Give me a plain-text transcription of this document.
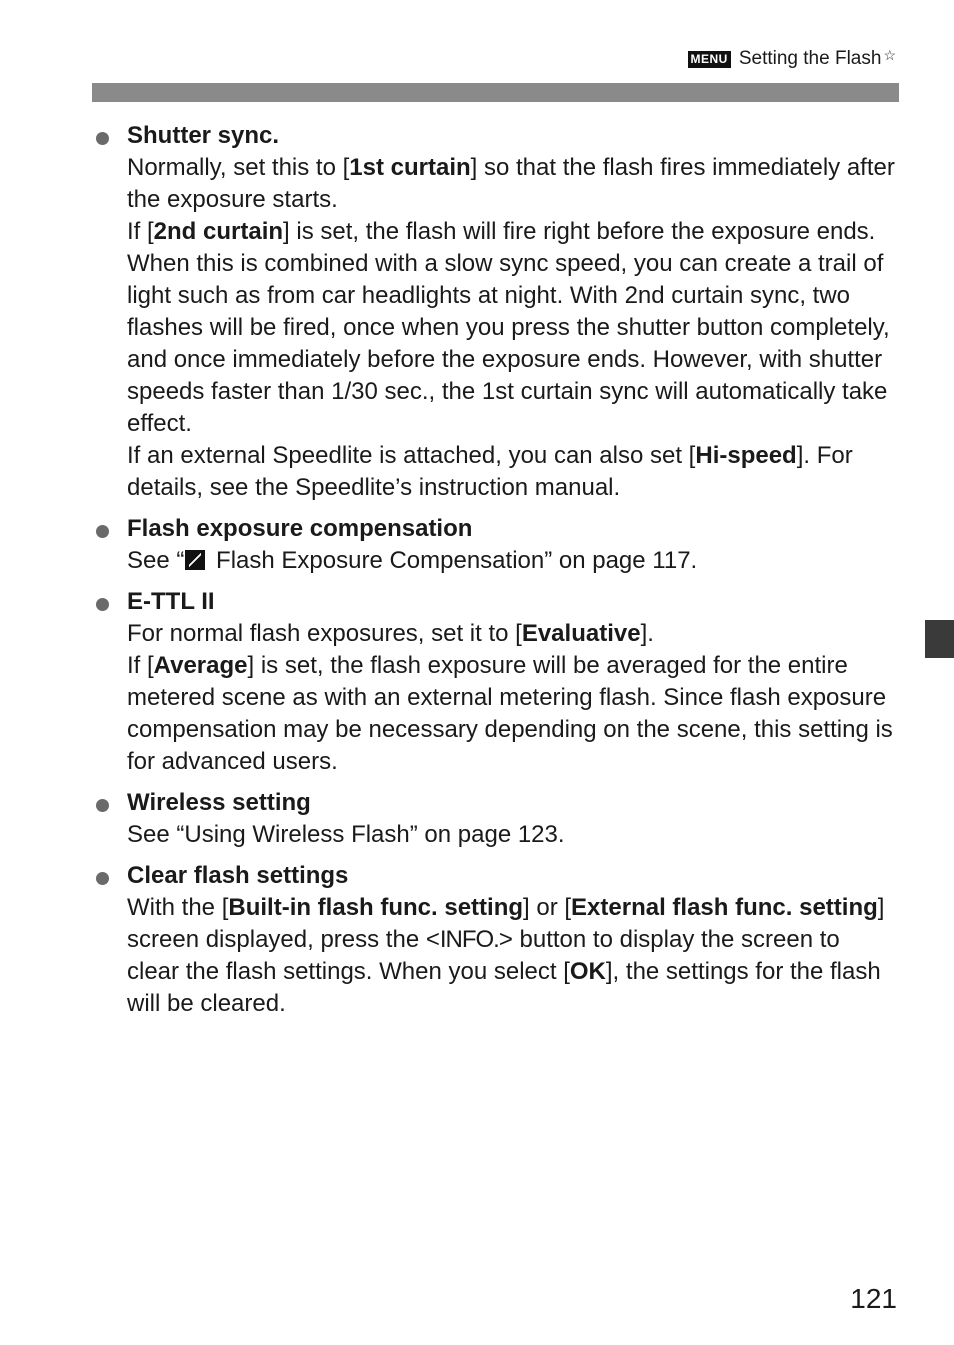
MENU Setting the Flash ☆
Shutter sync.
Normally, set this to [1st curtain] so that the flash fires immediately after the exposure starts.
If [2nd curtain] is set, the flash will fire right before the exposure ends. When this is combined with a slow sync speed, you can create a trail of light such as from car headlights at night. With 2nd curtain sync, two flashes will be fired, once when you press the shutter button completely, and once immediately before the exposure ends. However, with shutter speeds faster than 1/30 sec., the 1st curtain sync will automatically take effect.
If an external Speedlite is attached, you can also set [Hi-speed]. For details, see the Speedlite’s instruction manual.
Flash exposure compensation
See “ Flash Exposure Compensation” on page 117.
E-TTL II
For normal flash exposures, set it to [Evaluative].
If [Average] is set, the flash exposure will be averaged for the entire metered scene as with an external metering flash. Since flash exposure compensation may be necessary depending on the scene, this setting is for advanced users.
Wireless setting
See “Using Wireless Flash” on page 123.
Clear flash settings
With the [Built-in flash func. setting] or [External flash func. setting] screen displayed, press the <INFO.> button to display the screen to clear the flash settings. When you select [OK], the settings for the flash will be cleared.
121
